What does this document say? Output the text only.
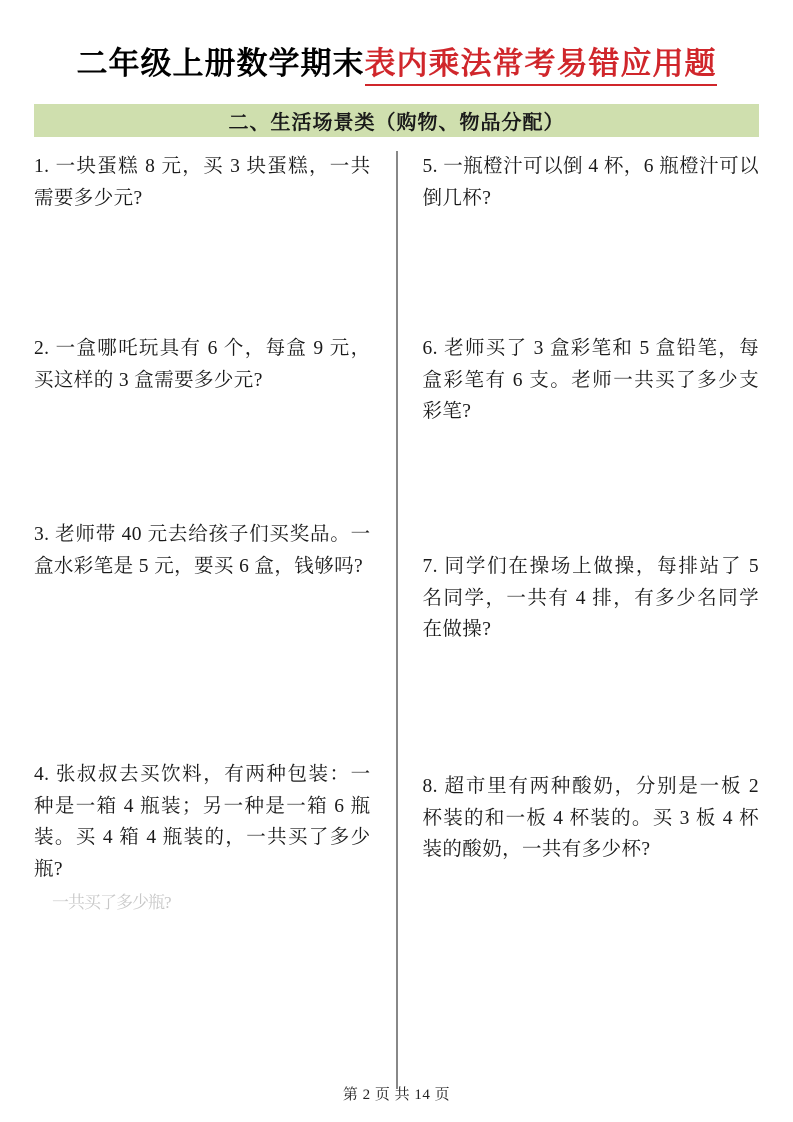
二年级上册数学期末 表内乘法常考易错应用题
二、生活场景类（购物、物品分配）
1. 一块蛋糕 8 元，买 3 块蛋糕，一共需要多少元?
2. 一盒哪吒玩具有 6 个，每盒 9 元，买这样的 3 盒需要多少元?
3. 老师带 40 元去给孩子们买奖品。一盒水彩笔是 5 元，要买 6 盒，钱够吗?
4. 张叔叔去买饮料，有两种包装：一种是一箱 4 瓶装；另一种是一箱 6 瓶装。买 4 箱 4 瓶装的，一共买了多少瓶?
一共买了多少瓶?
5. 一瓶橙汁可以倒 4 杯，6 瓶橙汁可以倒几杯?
6. 老师买了 3 盒彩笔和 5 盒铅笔，每盒彩笔有 6 支。老师一共买了多少支彩笔?
7. 同学们在操场上做操，每排站了 5 名同学，一共有 4 排，有多少名同学在做操?
8. 超市里有两种酸奶，分别是一板 2 杯装的和一板 4 杯装的。买 3 板 4 杯装的酸奶，一共有多少杯?
第 2 页 共 14 页
